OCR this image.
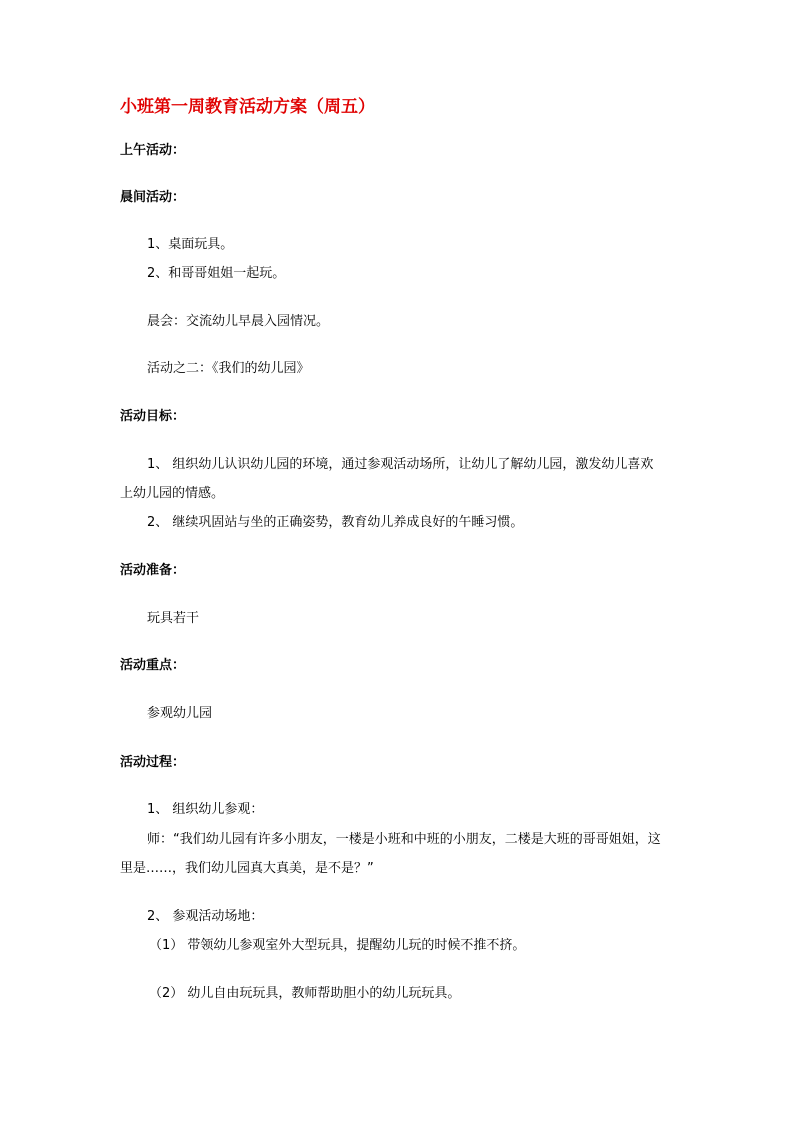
小班第一周教育活动方案（周五）
上午活动：
晨间活动：
1、桌面玩具。
2、和哥哥姐姐一起玩。
晨会：交流幼儿早晨入园情况。
活动之二：《我们的幼儿园》
活动目标：
1、 组织幼儿认识幼儿园的环境，通过参观活动场所，让幼儿了解幼儿园，激发幼儿喜欢
上幼儿园的情感。
2、 继续巩固站与坐的正确姿势，教育幼儿养成良好的午睡习惯。
活动准备：
玩具若干
活动重点：
参观幼儿园
活动过程：
1、 组织幼儿参观：
师：“我们幼儿园有许多小朋友，一楼是小班和中班的小朋友，二楼是大班的哥哥姐姐，这
里是……，我们幼儿园真大真美，是不是？”
2、 参观活动场地：
（1） 带领幼儿参观室外大型玩具，提醒幼儿玩的时候不推不挤。
（2） 幼儿自由玩玩具，教师帮助胆小的幼儿玩玩具。
